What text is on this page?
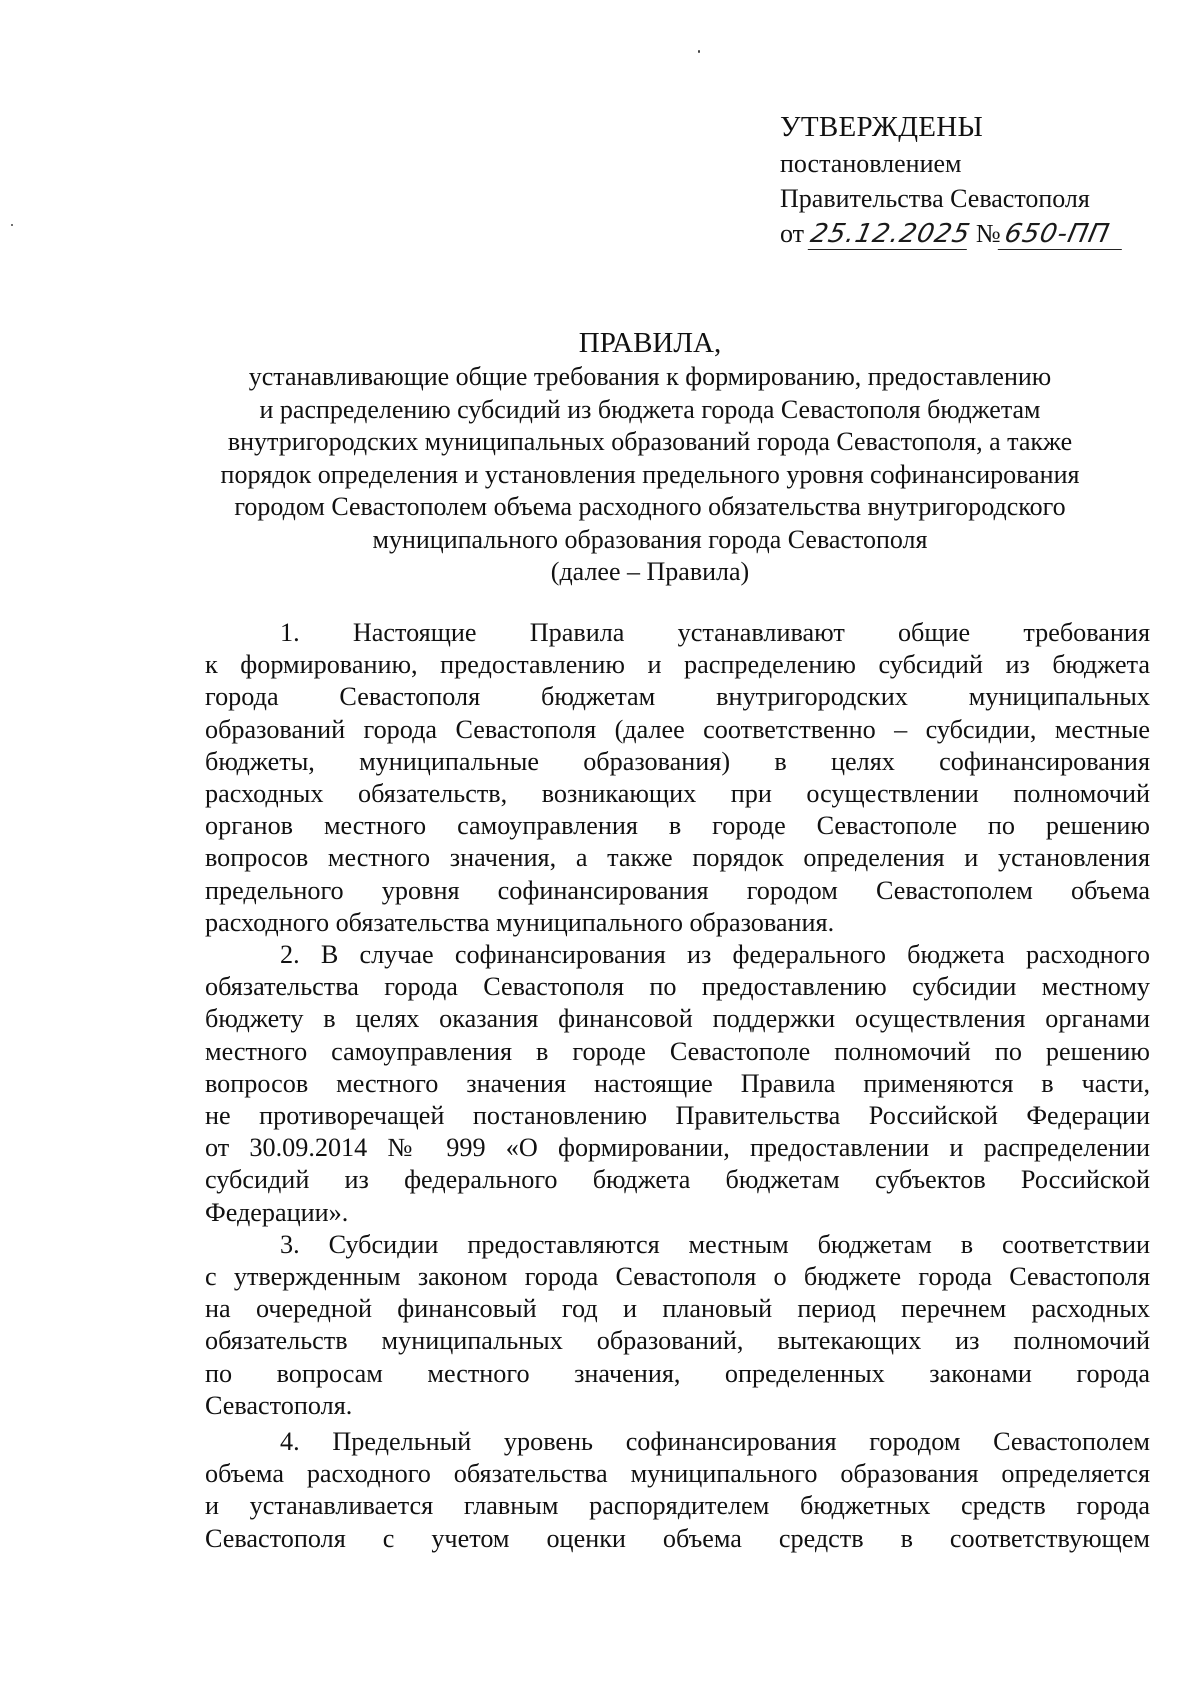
УТВЕРЖДЕНЫ
постановлением
Правительства Севастополя
от 25.12.2025 №650-ПП
ПРАВИЛА,
устанавливающие общие требования к формированию, предоставлению
и распределению субсидий из бюджета города Севастополя бюджетам
внутригородских муниципальных образований города Севастополя, а также
порядок определения и установления предельного уровня софинансирования
городом Севастополем объема расходного обязательства внутригородского
муниципального образования города Севастополя
(далее – Правила)
1. Настоящие Правила устанавливают общие требования
к формированию, предоставлению и распределению субсидий из бюджета
города Севастополя бюджетам внутригородских муниципальных
образований города Севастополя (далее соответственно – субсидии, местные
бюджеты, муниципальные образования) в целях софинансирования
расходных обязательств, возникающих при осуществлении полномочий
органов местного самоуправления в городе Севастополе по решению
вопросов местного значения, а также порядок определения и установления
предельного уровня софинансирования городом Севастополем объема
расходного обязательства муниципального образования.
2. В случае софинансирования из федерального бюджета расходного
обязательства города Севастополя по предоставлению субсидии местному
бюджету в целях оказания финансовой поддержки осуществления органами
местного самоуправления в городе Севастополе полномочий по решению
вопросов местного значения настоящие Правила применяются в части,
не противоречащей постановлению Правительства Российской Федерации
от 30.09.2014 № 999 «О формировании, предоставлении и распределении
субсидий из федерального бюджета бюджетам субъектов Российской
Федерации».
3. Субсидии предоставляются местным бюджетам в соответствии
с утвержденным законом города Севастополя о бюджете города Севастополя
на очередной финансовый год и плановый период перечнем расходных
обязательств муниципальных образований, вытекающих из полномочий
по вопросам местного значения, определенных законами города
Севастополя.
4. Предельный уровень софинансирования городом Севастополем
объема расходного обязательства муниципального образования определяется
и устанавливается главным распорядителем бюджетных средств города
Севастополя с учетом оценки объема средств в соответствующем
